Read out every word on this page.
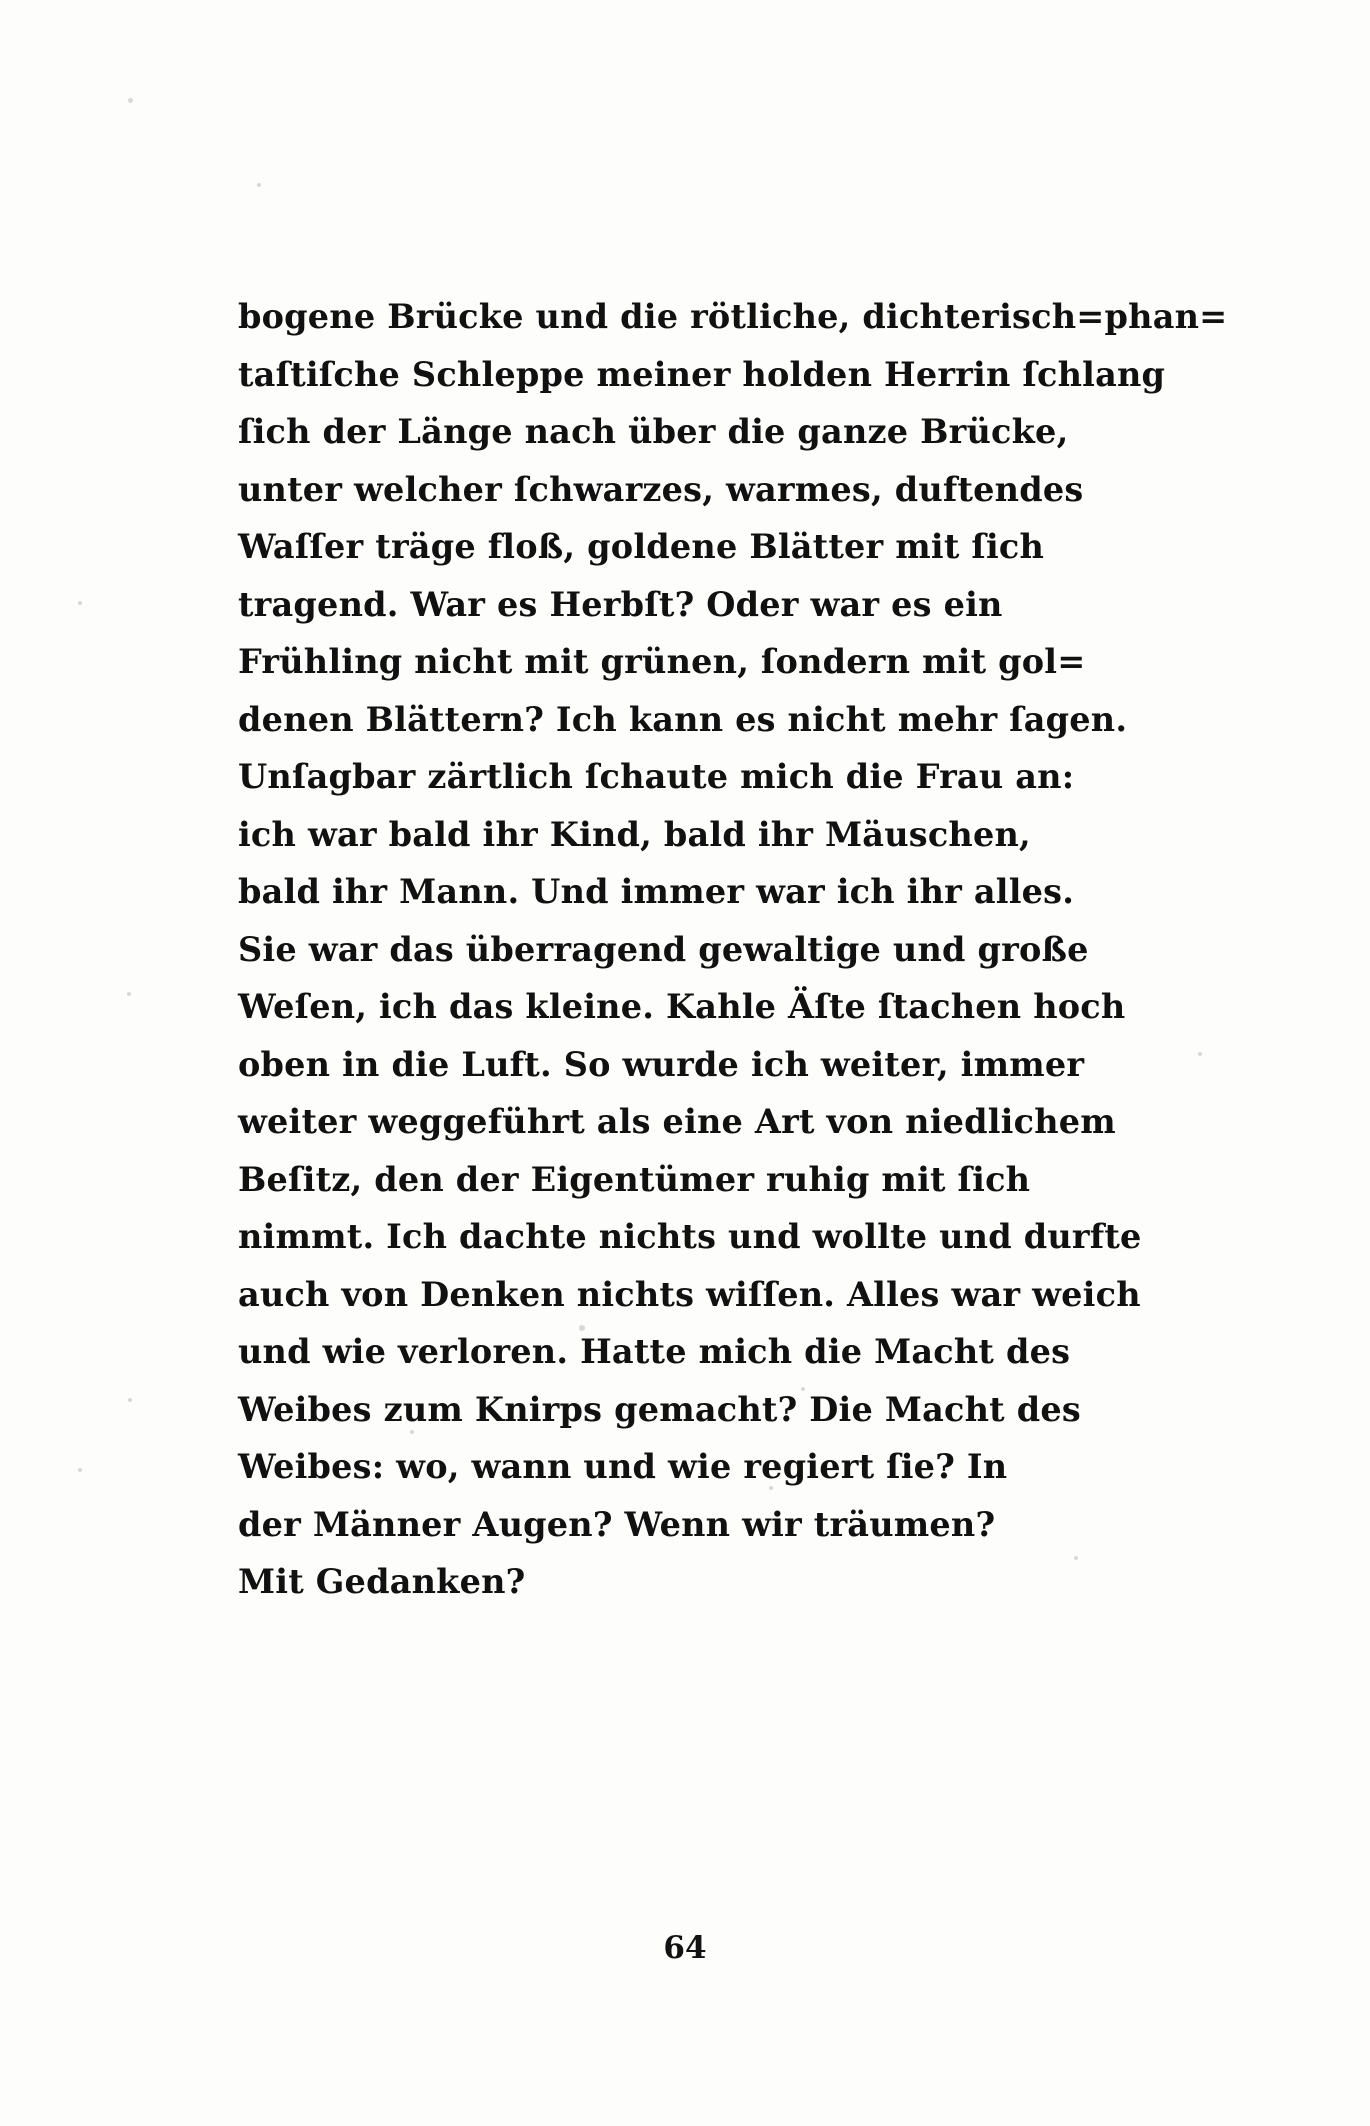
bogene Brücke und die rötliche, dichterisch=phan=
taſtiſche Schleppe meiner holden Herrin ſchlang
ſich der Länge nach über die ganze Brücke,
unter welcher ſchwarzes, warmes, duftendes
Waſſer träge floß, goldene Blätter mit ſich
tragend. War es Herbſt? Oder war es ein
Frühling nicht mit grünen, ſondern mit gol=
denen Blättern? Ich kann es nicht mehr ſagen.
Unſagbar zärtlich ſchaute mich die Frau an:
ich war bald ihr Kind, bald ihr Mäuschen,
bald ihr Mann. Und immer war ich ihr alles.
Sie war das überragend gewaltige und große
Weſen, ich das kleine. Kahle Äſte ſtachen hoch
oben in die Luft. So wurde ich weiter, immer
weiter weggeführt als eine Art von niedlichem
Beſitz, den der Eigentümer ruhig mit ſich
nimmt. Ich dachte nichts und wollte und durfte
auch von Denken nichts wiſſen. Alles war weich
und wie verloren. Hatte mich die Macht des
Weibes zum Knirps gemacht? Die Macht des
Weibes: wo, wann und wie regiert ſie? In
der Männer Augen? Wenn wir träumen?
Mit Gedanken?
64
